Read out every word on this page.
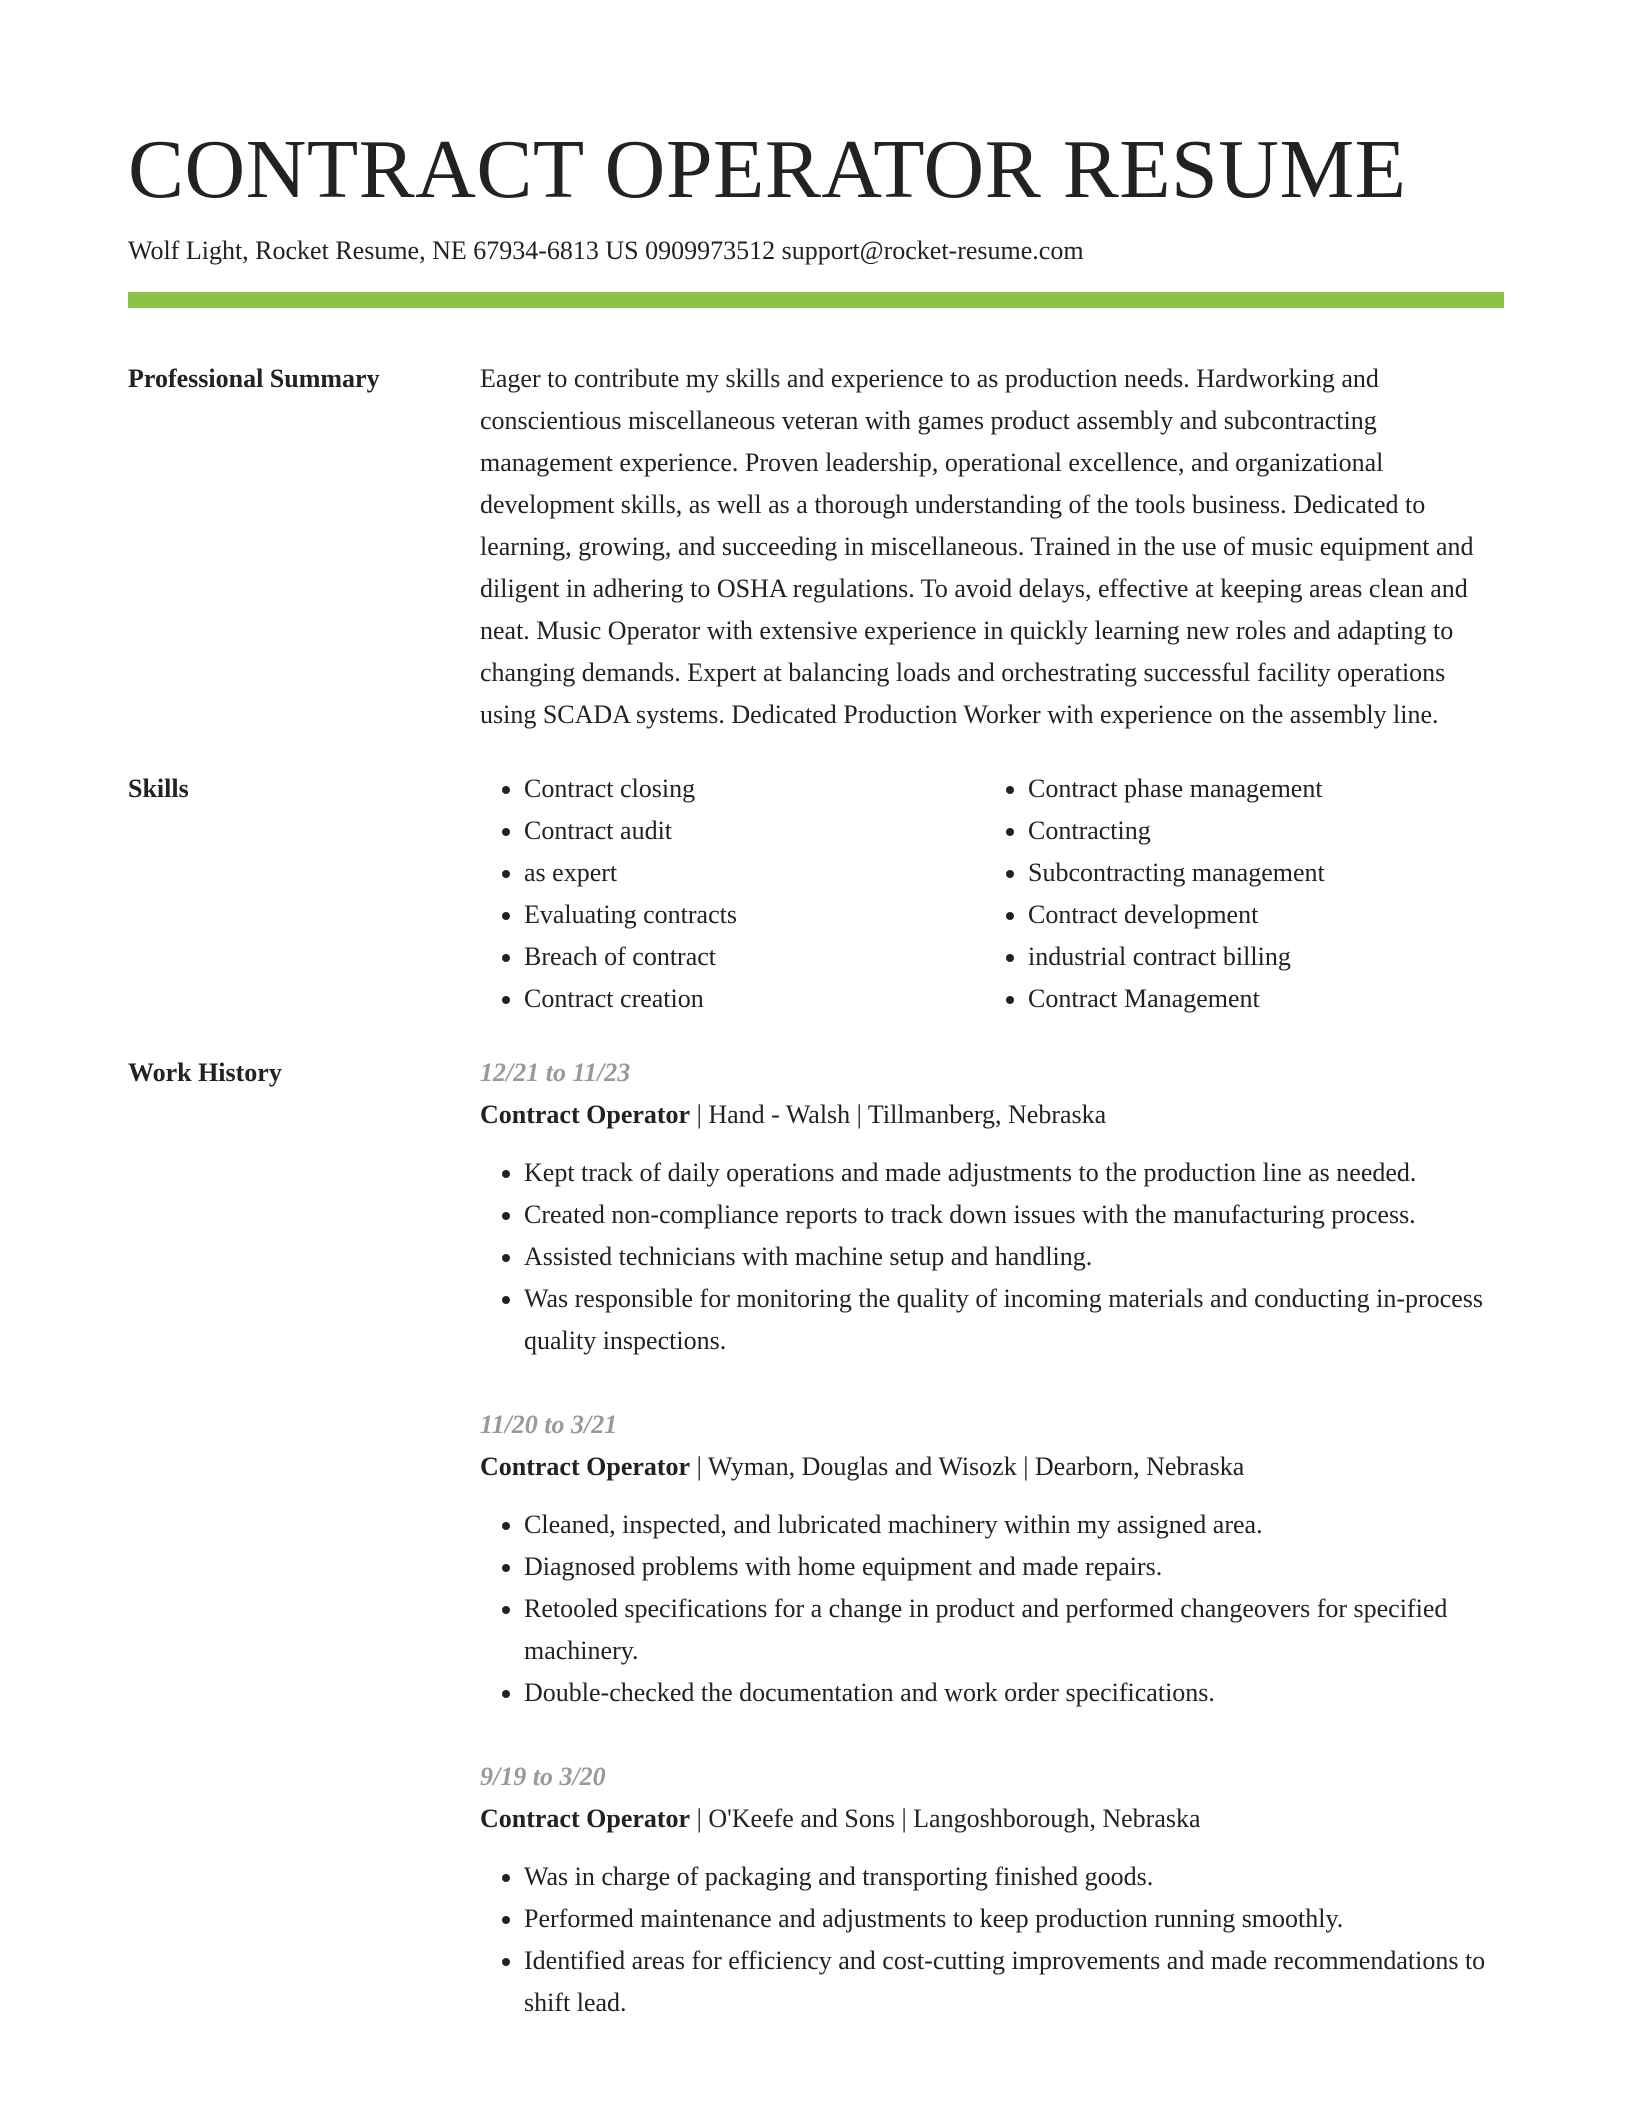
CONTRACT OPERATOR RESUME
Wolf Light, Rocket Resume, NE 67934-6813 US 0909973512 support@rocket-resume.com
Professional Summary	Eager to contribute my skills and experience to as production needs. Hardworking and conscientious miscellaneous veteran with games product assembly and subcontracting management experience. Proven leadership, operational excellence, and organizational development skills, as well as a thorough understanding of the tools business. Dedicated to learning, growing, and succeeding in miscellaneous. Trained in the use of music equipment and diligent in adhering to OSHA regulations. To avoid delays, effective at keeping areas clean and neat. Music Operator with extensive experience in quickly learning new roles and adapting to changing demands. Expert at balancing loads and orchestrating successful facility operations using SCADA systems. Dedicated Production Worker with experience on the assembly line.

Skills
•	Contract closing
• Contract audit
• as expert
• Evaluating contracts
• Breach of contract
• Contract creation
• Contract phase management
• Contracting
• Subcontracting management
• Contract development
• industrial contract billing
• Contract Management
Work History	12/21 to 11/23
Contract Operator | Hand - Walsh | Tillmanberg, Nebraska
• Kept track of daily operations and made adjustments to the production line as needed.
• Created non-compliance reports to track down issues with the manufacturing process.
• Assisted technicians with machine setup and handling.
• Was responsible for monitoring the quality of incoming materials and conducting in-process quality inspections.
11/20 to 3/21
Contract Operator | Wyman, Douglas and Wisozk | Dearborn, Nebraska
• Cleaned, inspected, and lubricated machinery within my assigned area.
• Diagnosed problems with home equipment and made repairs.
• Retooled specifications for a change in product and performed changeovers for specified machinery.
• Double-checked the documentation and work order specifications.
9/19 to 3/20
Contract Operator | O'Keefe and Sons | Langoshborough, Nebraska
• Was in charge of packaging and transporting finished goods.
• Performed maintenance and adjustments to keep production running smoothly.
• Identified areas for efficiency and cost-cutting improvements and made recommendations to shift lead.
